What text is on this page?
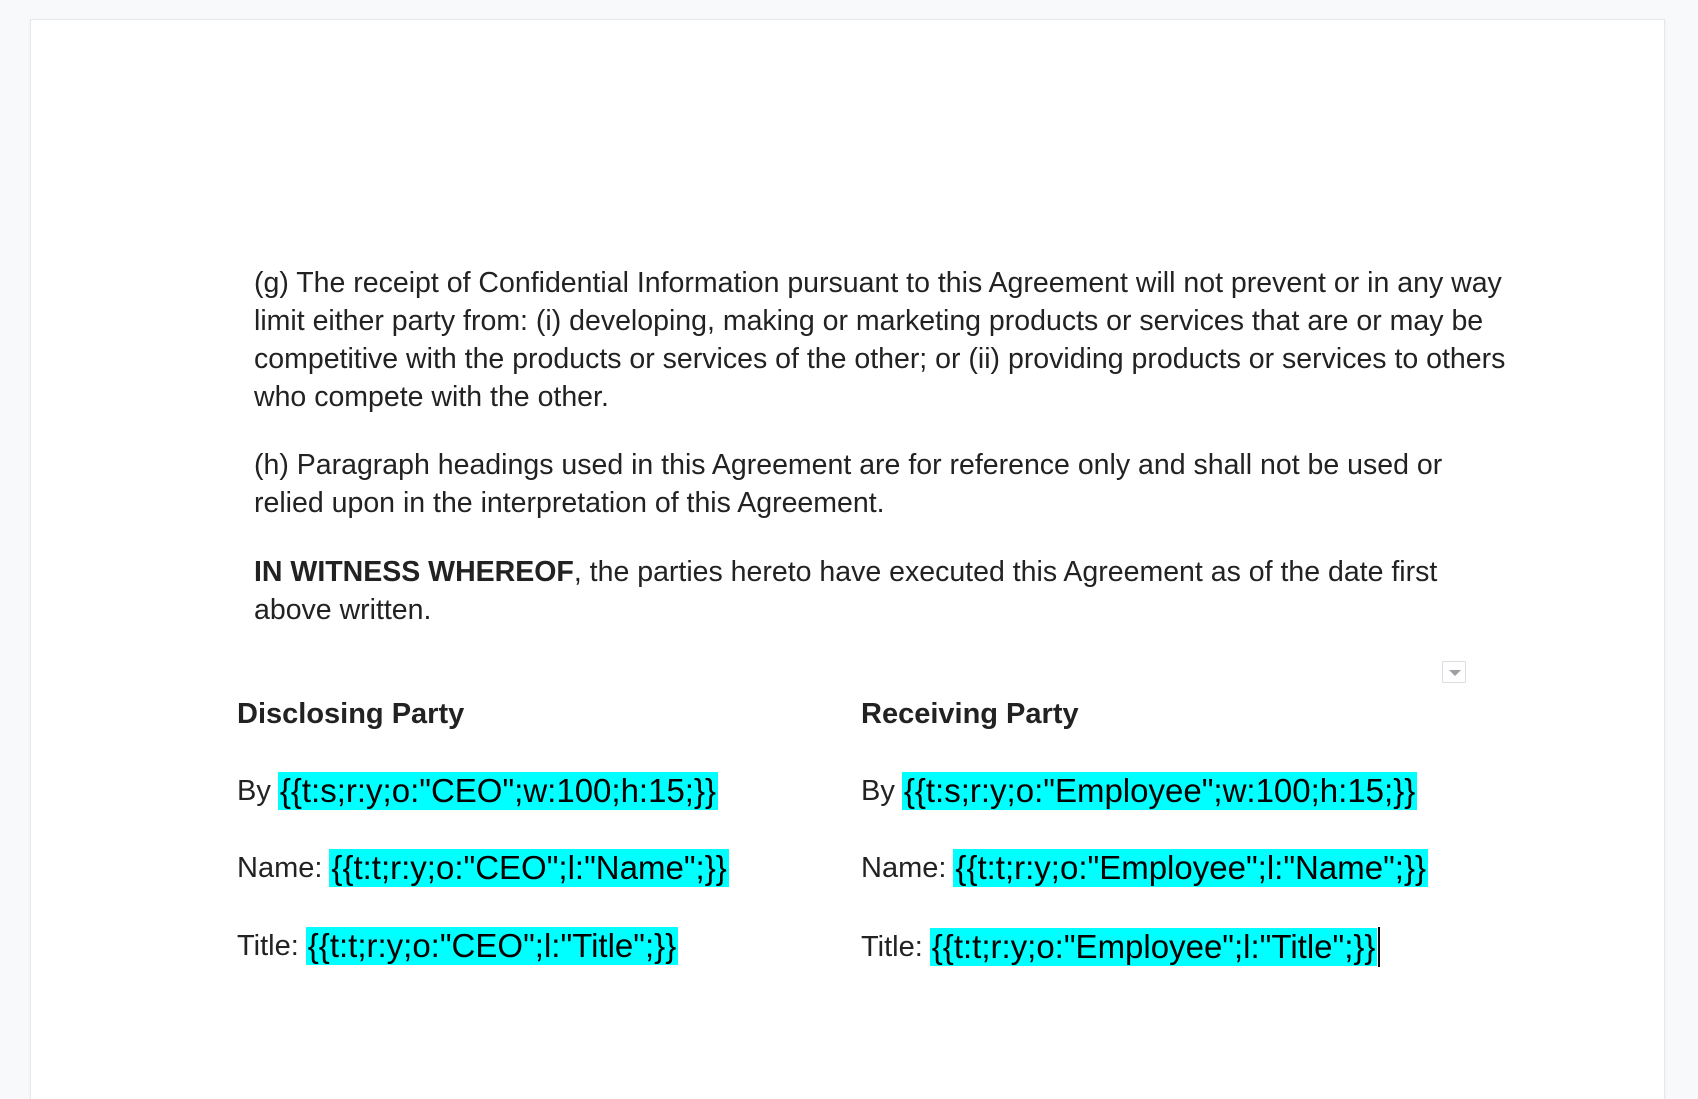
(g) The receipt of Confidential Information pursuant to this Agreement will not prevent or in any way limit either party from: (i) developing, making or marketing products or services that are or may be competitive with the products or services of the other; or (ii) providing products or services to others who compete with the other.

(h) Paragraph headings used in this Agreement are for reference only and shall not be used or relied upon in the interpretation of this Agreement.

IN WITNESS WHEREOF, the parties hereto have executed this Agreement as of the date first above written.

Disclosing Party
By {{t:s;r:y;o:"CEO";w:100;h:15;}}
Name: {{t:t;r:y;o:"CEO";l:"Name";}}
Title: {{t:t;r:y;o:"CEO";l:"Title";}}
Receiving Party
By {{t:s;r:y;o:"Employee";w:100;h:15;}}
Name: {{t:t;r:y;o:"Employee";l:"Name";}}
Title: {{t:t;r:y;o:"Employee";l:"Title";}}
